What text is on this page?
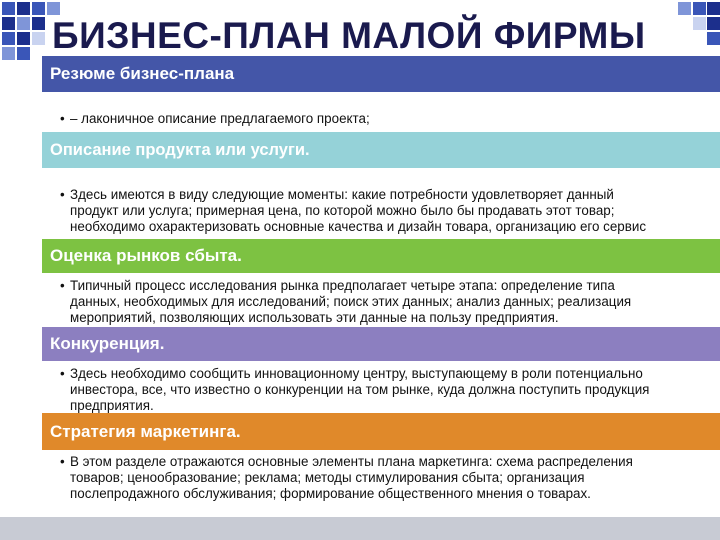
БИЗНЕС-ПЛАН МАЛОЙ ФИРМЫ
Резюме бизнес-плана
• – лаконичное описание предлагаемого проекта;
Описание продукта или услуги.
• Здесь имеются в виду следующие моменты: какие потребности удовлетворяет данный
продукт или услуга; примерная цена, по которой можно было бы продавать этот товар;
необходимо охарактеризовать основные качества и дизайн товара, организацию его сервис
Оценка рынков сбыта.
• Типичный процесс исследования рынка предполагает четыре этапа: определение типа
данных, необходимых для исследований; поиск этих данных; анализ данных; реализация
мероприятий, позволяющих использовать эти данные на пользу предприятия.
Конкуренция.
• Здесь необходимо сообщить инновационному центру, выступающему в роли потенциально
инвестора, все, что известно о конкуренции на том рынке, куда должна поступить продукция
предприятия.
Стратегия маркетинга.
• В этом разделе отражаются основные элементы плана маркетинга: схема распределения
товаров; ценообразование; реклама; методы стимулирования сбыта; организация
послепродажного обслуживания; формирование общественного мнения о товарах.
